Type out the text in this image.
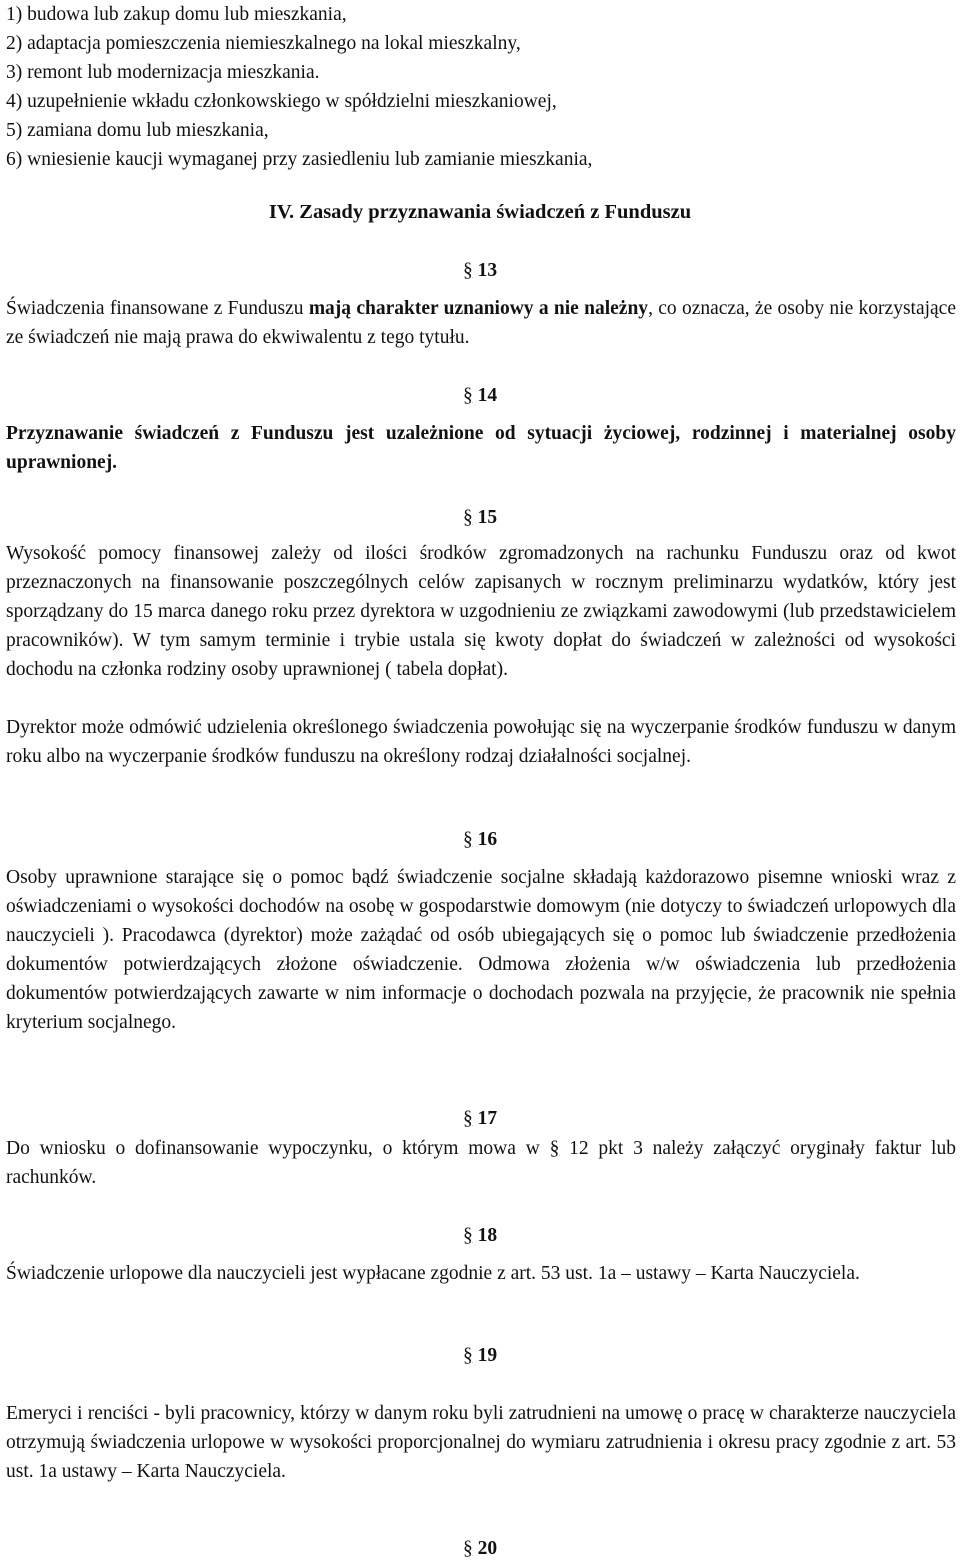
1) budowa lub zakup domu lub mieszkania,
2) adaptacja pomieszczenia niemieszkalnego na lokal mieszkalny,
3) remont lub modernizacja mieszkania.
4) uzupełnienie wkładu członkowskiego w spółdzielni mieszkaniowej,
5) zamiana domu lub mieszkania,
6) wniesienie kaucji wymaganej przy zasiedleniu lub zamianie mieszkania,
IV. Zasady przyznawania świadczeń z Funduszu
§ 13
Świadczenia finansowane z Funduszu mają charakter uznaniowy a nie należny, co oznacza, że osoby nie korzystające ze świadczeń nie mają prawa do ekwiwalentu z tego tytułu.
§ 14
Przyznawanie świadczeń z Funduszu jest uzależnione od sytuacji życiowej, rodzinnej i materialnej osoby uprawnionej.
§ 15
Wysokość pomocy finansowej zależy od ilości środków zgromadzonych na rachunku Funduszu oraz od kwot przeznaczonych na finansowanie poszczególnych celów zapisanych w rocznym preliminarzu wydatków, który jest sporządzany do 15 marca danego roku przez dyrektora w uzgodnieniu ze związkami zawodowymi (lub przedstawicielem pracowników). W tym samym terminie i trybie ustala się kwoty dopłat do świadczeń w zależności od wysokości dochodu na członka rodziny osoby uprawnionej ( tabela dopłat).
Dyrektor może odmówić udzielenia określonego świadczenia powołując się na wyczerpanie środków funduszu w danym roku albo na wyczerpanie środków funduszu na określony rodzaj działalności socjalnej.
§ 16
Osoby uprawnione starające się o pomoc bądź świadczenie socjalne składają każdorazowo pisemne wnioski wraz z oświadczeniami o wysokości dochodów na osobę w gospodarstwie domowym (nie dotyczy to świadczeń urlopowych dla nauczycieli ). Pracodawca (dyrektor) może zażądać od osób ubiegających się o pomoc lub świadczenie przedłożenia dokumentów potwierdzających złożone oświadczenie. Odmowa złożenia w/w oświadczenia lub przedłożenia dokumentów potwierdzających zawarte w nim informacje o dochodach pozwala na przyjęcie, że pracownik nie spełnia kryterium socjalnego.
§ 17
Do wniosku o dofinansowanie wypoczynku, o którym mowa w § 12 pkt 3 należy załączyć oryginały faktur lub rachunków.
§ 18
Świadczenie urlopowe dla nauczycieli jest wypłacane zgodnie z art. 53 ust. 1a – ustawy – Karta Nauczyciela.
§ 19
Emeryci i renciści - byli pracownicy, którzy w danym roku byli zatrudnieni na umowę o pracę w charakterze nauczyciela otrzymują świadczenia urlopowe w wysokości proporcjonalnej do wymiaru zatrudnienia i okresu pracy zgodnie z art. 53 ust. 1a ustawy – Karta Nauczyciela.
§ 20
